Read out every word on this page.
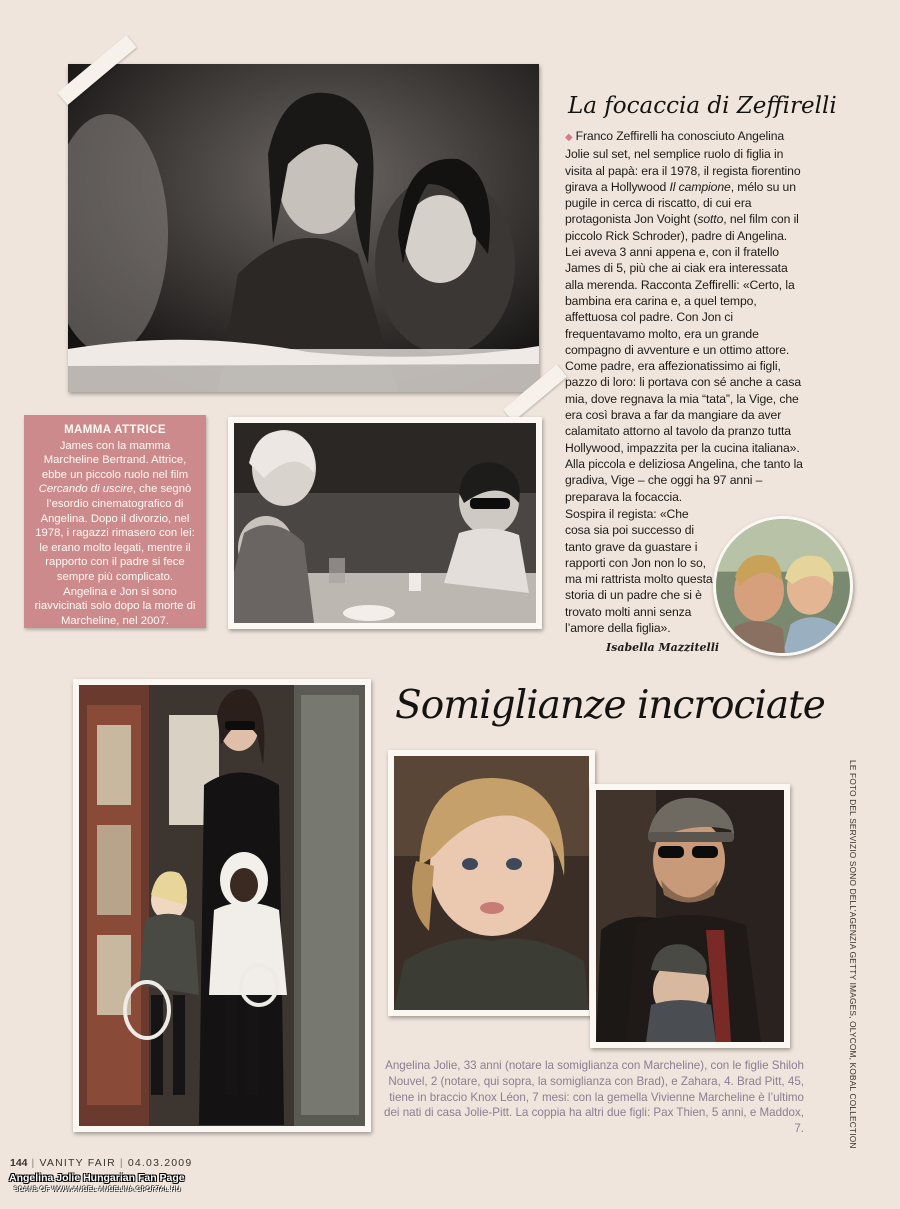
La focaccia di Zeffirelli
◆ Franco Zeffirelli ha conosciuto Angelina Jolie sul set, nel semplice ruolo di figlia in visita al papà: era il 1978, il regista fiorentino girava a Hollywood Il campione, mélo su un pugile in cerca di riscatto, di cui era protagonista Jon Voight (sotto, nel film con il piccolo Rick Schroder), padre di Angelina. Lei aveva 3 anni appena e, con il fratello James di 5, più che ai ciak era interessata alla merenda. Racconta Zeffirelli: «Certo, la bambina era carina e, a quel tempo, affettuosa col padre. Con Jon ci frequentavamo molto, era un grande compagno di avventure e un ottimo attore. Come padre, era affezionatissimo ai figli, pazzo di loro: li portava con sé anche a casa mia, dove regnava la mia “tata”, la Vige, che era così brava a far da mangiare da aver calamitato attorno al tavolo da pranzo tutta Hollywood, impazzita per la cucina italiana». Alla piccola e deliziosa Angelina, che tanto la gradiva, Vige – che oggi ha 97 anni – preparava la focaccia.
Sospira il regista: «Che cosa sia poi successo di tanto grave da guastare i rapporti con Jon non lo so, ma mi rattrista molto questa storia di un padre che si è trovato molti anni senza l’amore della figlia».
Isabella Mazzitelli
MAMMA ATTRICE

James con la mamma Marcheline Bertrand. Attrice, ebbe un piccolo ruolo nel film Cercando di uscire, che segnò l’esordio cinematografico di Angelina. Dopo il divorzio, nel 1978, i ragazzi rimasero con lei: le erano molto legati, mentre il rapporto con il padre si fece sempre più complicato.

Angelina e Jon si sono riavvicinati solo dopo la morte di Marcheline, nel 2007.

Somiglianze incrociate
Angelina Jolie, 33 anni (notare la somiglianza con Marcheline), con le figlie Shiloh Nouvel, 2 (notare, qui sopra, la somiglianza con Brad), e Zahara, 4. Brad Pitt, 45, tiene in braccio Knox Léon, 7 mesi: con la gemella Vivienne Marcheline è l’ultimo dei nati di casa Jolie-Pitt. La coppia ha altri due figli: Pax Thien, 5 anni, e Maddox, 7.	LE FOTO DEL SERVIZIO SONO DELL’AGENZIA GETTY IMAGES, OLYCOM, KOBAL COLLECTION
144 | VANITY FAIR | 04.03.2009
Angelina Jolie Hungarian Fan Page
SCANS OF WWW.ANGEL-ANGELINA.GPORTAL.HU
